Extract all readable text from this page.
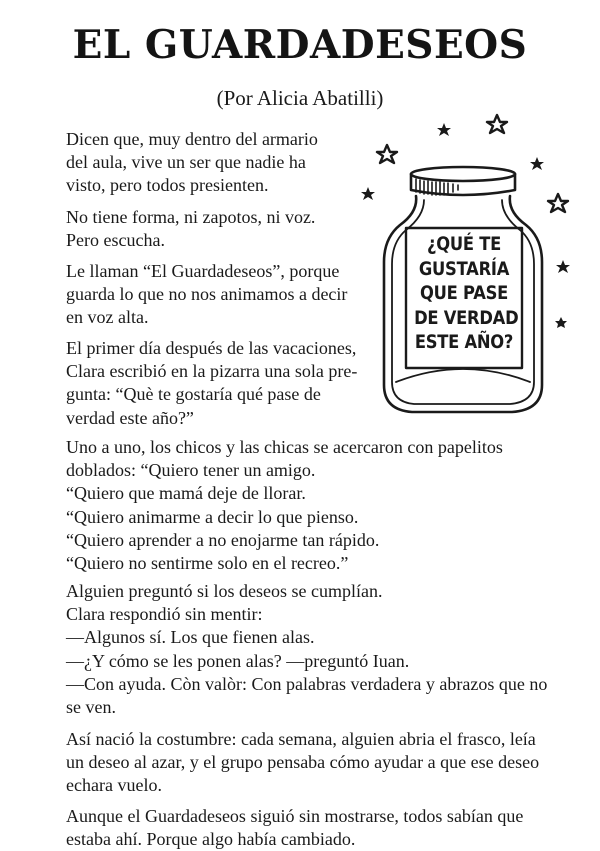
EL GUARDADESEOS
(Por Alicia Abatilli)
Dicen que, muy dentro del armario
del aula, vive un ser que nadie ha
visto, pero todos presienten.
No tiene forma, ni zapotos, ni voz.
Pero escucha.
Le llaman “El Guardadeseos”, porque
guarda lo que no nos animamos a decir
en voz alta.
El primer día después de las vacaciones,
Clara escribió en la pizarra una sola pre-
gunta: “Què te gostaría qué pase de
verdad este año?”
¿QUÉ TE
GUSTARÍA
QUE PASE
DE VERDAD
ESTE AÑO?
Uno a uno, los chicos y las chicas se acercaron con papelitos
doblados: “Quiero tener un amigo.
“Quiero que mamá deje de llorar.
“Quiero animarme a decir lo que pienso.
“Quiero aprender a no enojarme tan rápido.
“Quiero no sentirme solo en el recreo.”
Alguien preguntó si los deseos se cumplían.
Clara respondió sin mentir:
—Algunos sí. Los que fienen alas.
—¿Y cómo se les ponen alas? —preguntó Iuan.
—Con ayuda. Còn valòr: Con palabras verdadera y abrazos que no
se ven.
Así nació la costumbre: cada semana, alguien abria el frasco, leía
un deseo al azar, y el grupo pensaba cómo ayudar a que ese deseo
echara vuelo.
Aunque el Guardadeseos siguió sin mostrarse, todos sabían que
estaba ahí. Porque algo había cambiado.
